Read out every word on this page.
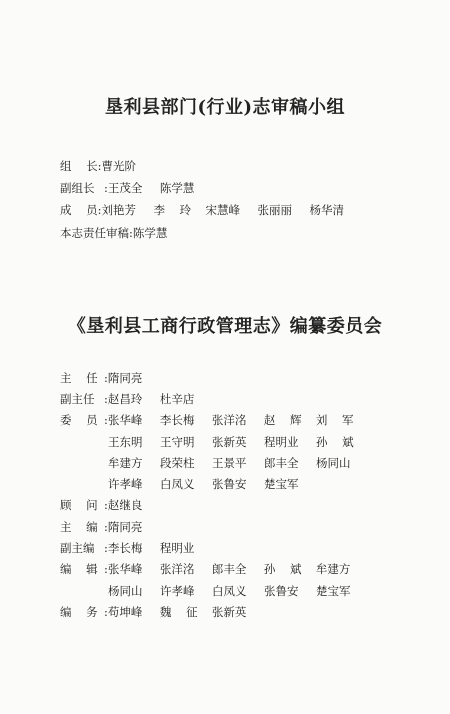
垦利县部门(行业)志审稿小组
组    长 : 曹光阶
副组长 : 王茂全	陈学慧
成    员 : 刘艳芳	李    玲	宋慧峰	张丽丽	杨华清
本志责任审稿 : 陈学慧
《垦利县工商行政管理志》编纂委员会
主    任 : 隋同亮
副主任 : 赵昌玲	杜辛店
委    员 : 张华峰	李长梅	张洋洺	赵    辉	刘    军
王东明	王守明	张新英	程明业	孙    斌
牟建方	段荣柱	王景平	郎丰全	杨同山
许孝峰	白凤义	张鲁安	楚宝军
顾    问 : 赵继良
主    编 : 隋同亮
副主编 : 李长梅	程明业
编    辑 : 张华峰	张洋洺	郎丰全	孙    斌	牟建方
杨同山	许孝峰	白凤义	张鲁安	楚宝军
编    务 : 苟坤峰	魏    征	张新英
